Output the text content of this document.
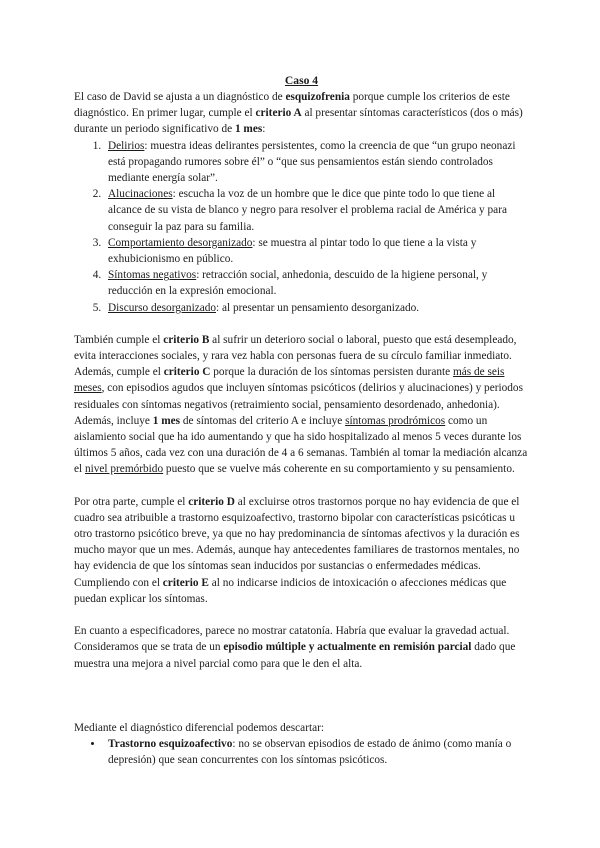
Caso 4

El caso de David se ajusta a un diagnóstico de esquizofrenia porque cumple los criterios de este diagnóstico. En primer lugar, cumple el criterio A al presentar síntomas característicos (dos o más) durante un periodo significativo de 1 mes:

1. Delirios: muestra ideas delirantes persistentes, como la creencia de que “un grupo neonazi está propagando rumores sobre él” o “que sus pensamientos están siendo controlados mediante energía solar”.
2. Alucinaciones: escucha la voz de un hombre que le dice que pinte todo lo que tiene al alcance de su vista de blanco y negro para resolver el problema racial de América y para conseguir la paz para su familia.
3. Comportamiento desorganizado: se muestra al pintar todo lo que tiene a la vista y exhubicionismo en público.
4. Síntomas negativos: retracción social, anhedonia, descuido de la higiene personal, y reducción en la expresión emocional.
5. Discurso desorganizado: al presentar un pensamiento desorganizado.

También cumple el criterio B al sufrir un deterioro social o laboral, puesto que está desempleado, evita interacciones sociales, y rara vez habla con personas fuera de su círculo familiar inmediato. Además, cumple el criterio C porque la duración de los síntomas persisten durante más de seis meses, con episodios agudos que incluyen síntomas psicóticos (delirios y alucinaciones) y periodos residuales con síntomas negativos (retraimiento social, pensamiento desordenado, anhedonia). Además, incluye 1 mes de síntomas del criterio A e incluye síntomas prodrómicos como un aislamiento social que ha ido aumentando y que ha sido hospitalizado al menos 5 veces durante los últimos 5 años, cada vez con una duración de 4 a 6 semanas. También al tomar la mediación alcanza el nivel premórbido puesto que se vuelve más coherente en su comportamiento y su pensamiento.

Por otra parte, cumple el criterio D al excluirse otros trastornos porque no hay evidencia de que el cuadro sea atribuible a trastorno esquizoafectivo, trastorno bipolar con características psicóticas u otro trastorno psicótico breve, ya que no hay predominancia de síntomas afectivos y la duración es mucho mayor que un mes. Además, aunque hay antecedentes familiares de trastornos mentales, no hay evidencia de que los síntomas sean inducidos por sustancias o enfermedades médicas. Cumpliendo con el criterio E al no indicarse indicios de intoxicación o afecciones médicas que puedan explicar los síntomas.

En cuanto a especificadores, parece no mostrar catatonía. Habría que evaluar la gravedad actual. Consideramos que se trata de un episodio múltiple y actualmente en remisión parcial dado que muestra una mejora a nivel parcial como para que le den el alta.

Mediante el diagnóstico diferencial podemos descartar:

• Trastorno esquizoafectivo: no se observan episodios de estado de ánimo (como manía o depresión) que sean concurrentes con los síntomas psicóticos.
